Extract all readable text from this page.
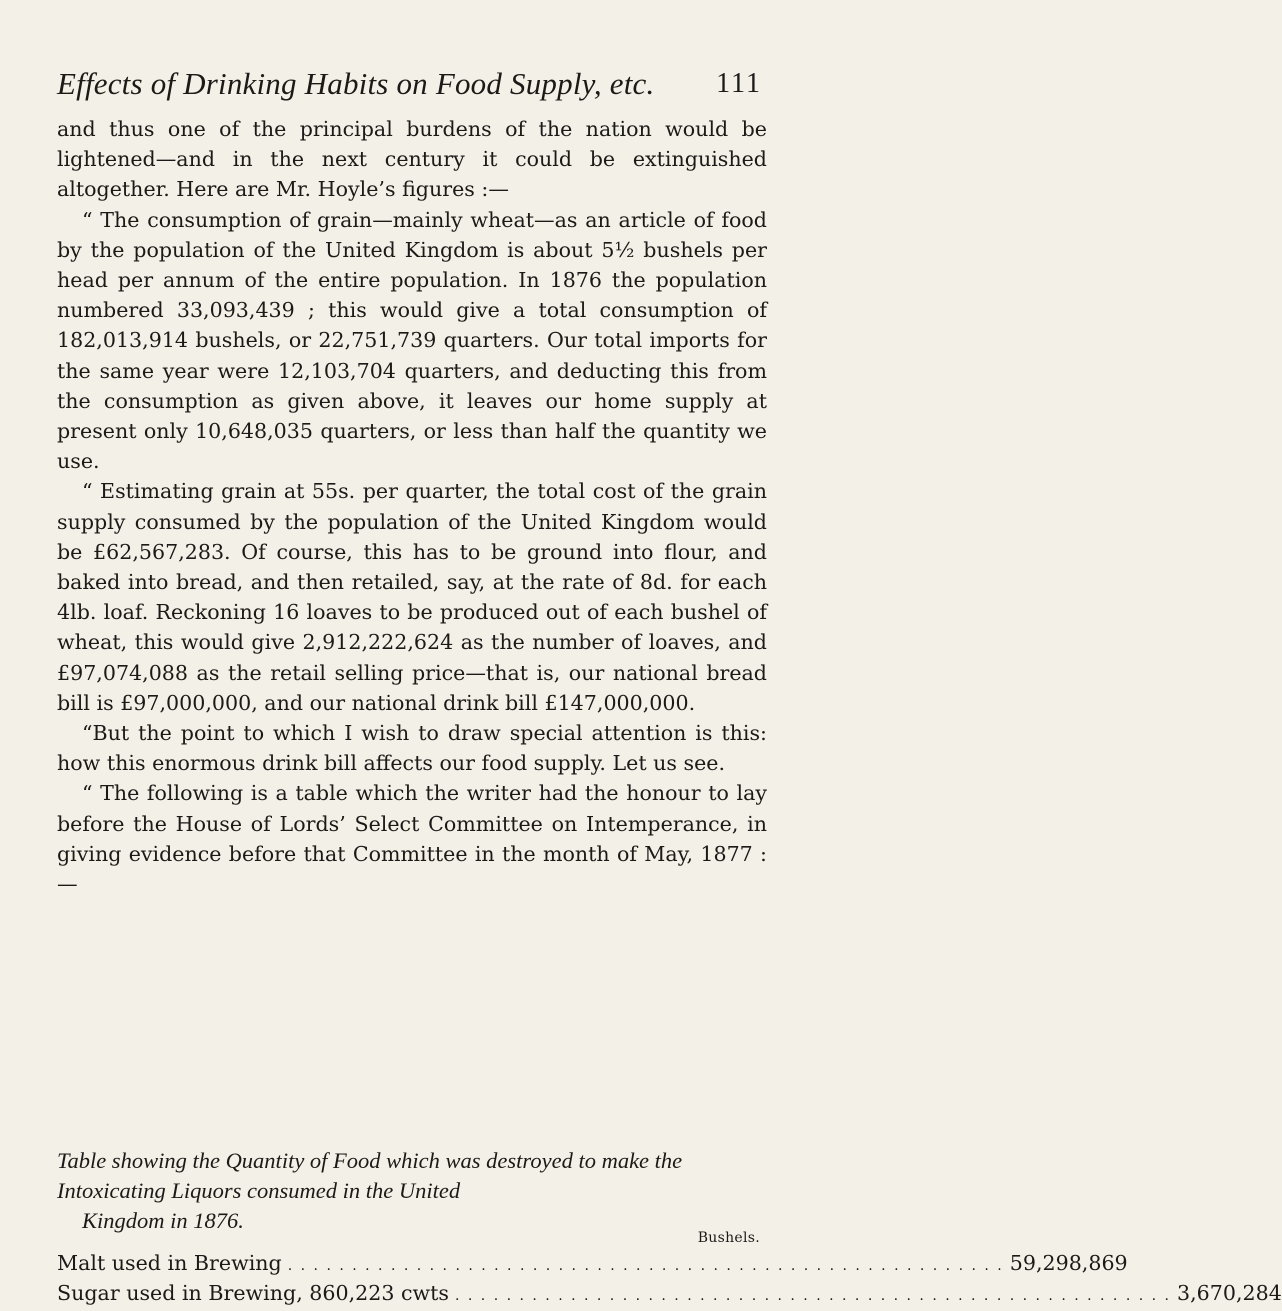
Effects of Drinking Habits on Food Supply, etc. 111

and thus one of the principal burdens of the nation would be lightened—and in the next century it could be extinguished altogether. Here are Mr. Hoyle’s figures :—

“ The consumption of grain—mainly wheat—as an article of food by the population of the United Kingdom is about 5½ bushels per head per annum of the entire population. In 1876 the population numbered 33,093,439 ; this would give a total consumption of 182,013,914 bushels, or 22,751,739 quarters. Our total imports for the same year were 12,103,704 quarters, and deducting this from the consumption as given above, it leaves our home supply at present only 10,648,035 quarters, or less than half the quantity we use.

“ Estimating grain at 55s. per quarter, the total cost of the grain supply consumed by the population of the United Kingdom would be £62,567,283. Of course, this has to be ground into flour, and baked into bread, and then retailed, say, at the rate of 8d. for each 4lb. loaf. Reckoning 16 loaves to be produced out of each bushel of wheat, this would give 2,912,222,624 as the number of loaves, and £97,074,088 as the retail selling price—that is, our national bread bill is £97,000,000, and our national drink bill £147,000,000.

“But the point to which I wish to draw special attention is this: how this enormous drink bill affects our food supply. Let us see.

“ The following is a table which the writer had the honour to lay before the House of Lords’ Select Committee on Intemperance, in giving evidence before that Committee in the month of May, 1877 :—

Table showing the Quantity of Food which was destroyed to make the Intoxicating Liquors consumed in the United
Kingdom in 1876.
Bushels.
Malt used in Brewing . . . . . . . . . . . . . . . . . . . . . . . . . . . . . . . . . . . . . . . . . . . . . . . . . . . . . . . . 59,298,869
Sugar used in Brewing, 860,223 cwts . . . . . . . . . . . . . . . . . . . . . . . . . . . . . . . . . . . . . . . . . . . . . . . . . . . . . . . . 3,670,284
